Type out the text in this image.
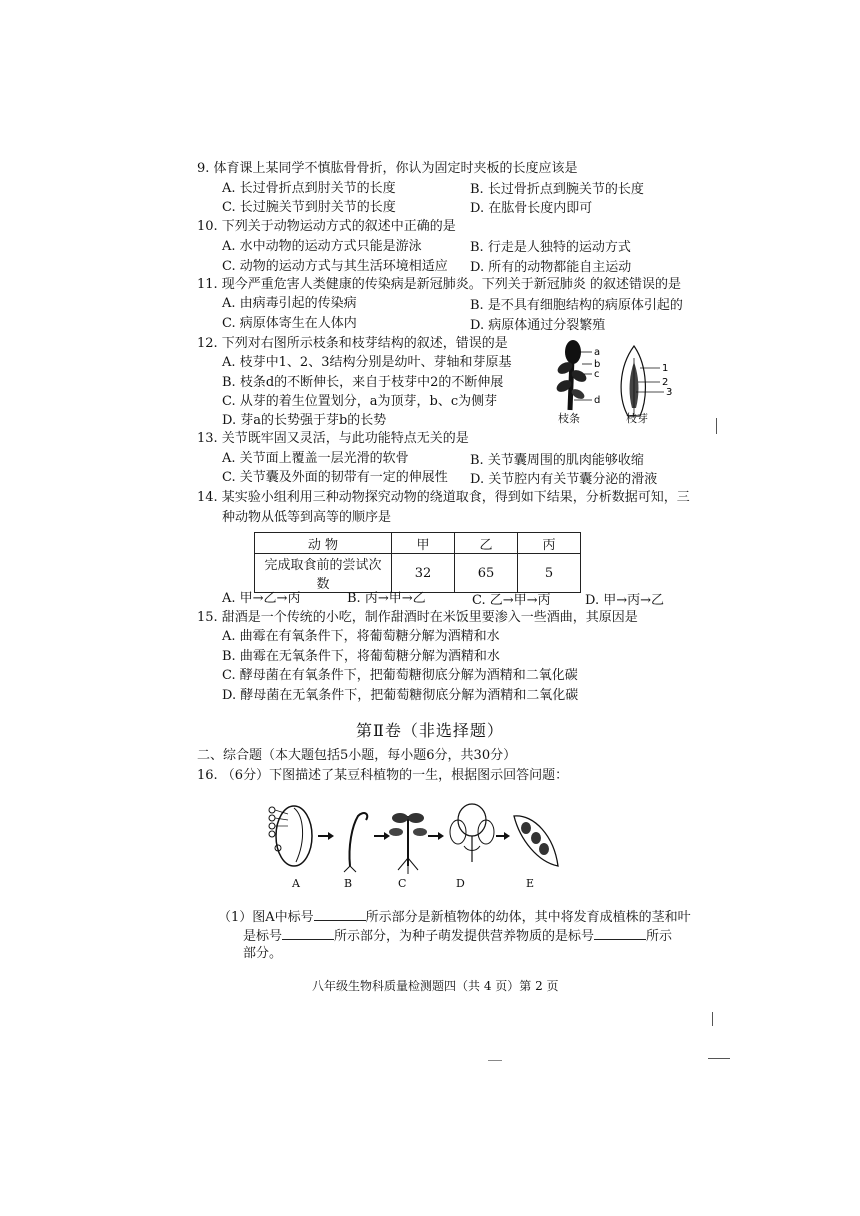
9. 体育课上某同学不慎肱骨骨折，你认为固定时夹板的长度应该是
A. 长过骨折点到肘关节的长度	B. 长过骨折点到腕关节的长度
C. 长过腕关节到肘关节的长度	D. 在肱骨长度内即可
10. 下列关于动物运动方式的叙述中正确的是
A. 水中动物的运动方式只能是游泳	B. 行走是人独特的运动方式
C. 动物的运动方式与其生活环境相适应 D. 所有的动物都能自主运动
11. 现今严重危害人类健康的传染病是新冠肺炎。下列关于新冠肺炎 的叙述错误的是
A. 由病毒引起的传染病	B. 是不具有细胞结构的病原体引起的
C. 病原体寄生在人体内	D. 病原体通过分裂繁殖
12. 下列对右图所示枝条和枝芽结构的叙述，错误的是
A. 枝芽中1、2、3结构分别是幼叶、芽轴和芽原基
B. 枝条d的不断伸长，来自于枝芽中2的不断伸展
C. 从芽的着生位置划分，a为顶芽，b、c为侧芽
D. 芽a的长势强于芽b的长势
a
b
c
d
1
2
3
枝条	枝芽
13. 关节既牢固又灵活，与此功能特点无关的是
A. 关节面上覆盖一层光滑的软骨	B. 关节囊周围的肌肉能够收缩
C. 关节囊及外面的韧带有一定的伸展性 D. 关节腔内有关节囊分泌的滑液
14. 某实验小组利用三种动物探究动物的绕道取食，得到如下结果，分析数据可知，三
种动物从低等到高等的顺序是
动 物	甲	乙	丙
完成取食前的尝试次数	32	65	5
A. 甲→乙→丙	B. 丙→甲→乙	C. 乙→甲→丙	D. 甲→丙→乙
15. 甜酒是一个传统的小吃，制作甜酒时在米饭里要渗入一些酒曲，其原因是
A. 曲霉在有氧条件下，将葡萄糖分解为酒精和水
B. 曲霉在无氧条件下，将葡萄糖分解为酒精和水
C. 酵母菌在有氧条件下，把葡萄糖彻底分解为酒精和二氧化碳
D. 酵母菌在无氧条件下，把葡萄糖彻底分解为酒精和二氧化碳
第Ⅱ卷（非选择题）
二、综合题（本大题包括5小题，每小题6分，共30分）
16. （6分）下图描述了某豆科植物的一生，根据图示回答问题：
A	B	C	D	E
（1）图A中标号	所示部分是新植物体的幼体，其中将发育成植株的茎和叶
是标号	所示部分，为种子萌发提供营养物质的是标号	所示
部分。
八年级生物科质量检测题四（共 4 页）第 2 页
